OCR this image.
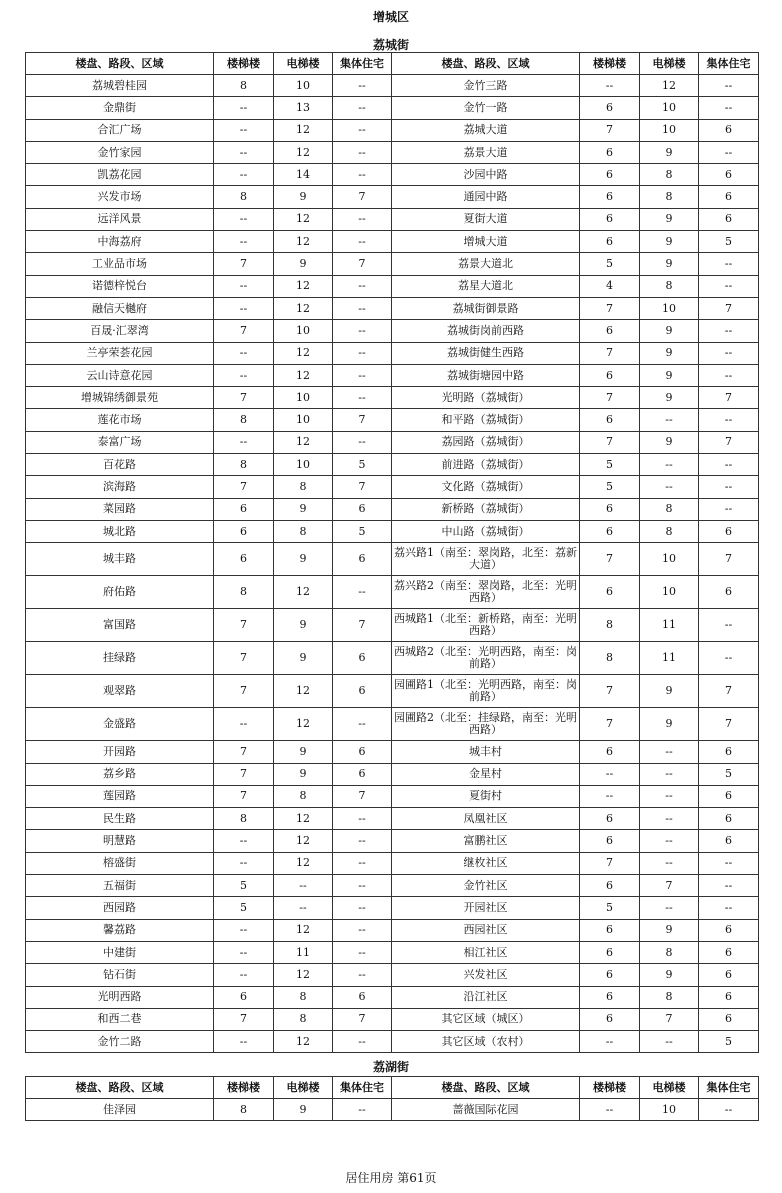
增城区
荔城街
楼盘、路段、区域	楼梯楼	电梯楼	集体住宅	楼盘、路段、区域	楼梯楼	电梯楼	集体住宅
荔城碧桂园	8	10	--	金竹三路	--	12	--
金鼎街	--	13	--	金竹一路	6	10	--
合汇广场	--	12	--	荔城大道	7	10	6
金竹家园	--	12	--	荔景大道	6	9	--
凯荔花园	--	14	--	沙园中路	6	8	6
兴发市场	8	9	7	通园中路	6	8	6
远洋风景	--	12	--	夏街大道	6	9	6
中海荔府	--	12	--	增城大道	6	9	5
工业品市场	7	9	7	荔景大道北	5	9	--
诺德梓悦台	--	12	--	荔星大道北	4	8	--
融信天樾府	--	12	--	荔城街御景路	7	10	7
百晟·汇翠湾	7	10	--	荔城街岗前西路	6	9	--
兰亭荣荟花园	--	12	--	荔城街健生西路	7	9	--
云山诗意花园	--	12	--	荔城街塘园中路	6	9	--
增城锦绣御景苑	7	10	--	光明路（荔城街）	7	9	7
莲花市场	8	10	7	和平路（荔城街）	6	--	--
泰富广场	--	12	--	荔园路（荔城街）	7	9	7
百花路	8	10	5	前进路（荔城街）	5	--	--
滨海路	7	8	7	文化路（荔城街）	5	--	--
菜园路	6	9	6	新桥路（荔城街）	6	8	--
城北路	6	8	5	中山路（荔城街）	6	8	6
城丰路	6	9	6	荔兴路1（南至：翠岗路，北至：荔新大道）	7	10	7
府佑路	8	12	--	荔兴路2（南至：翠岗路，北至：光明西路）	6	10	6
富国路	7	9	7	西城路1（北至：新桥路，南至：光明西路）	8	11	--
挂绿路	7	9	6	西城路2（北至：光明西路，南至：岗前路）	8	11	--
观翠路	7	12	6	园圃路1（北至：光明西路，南至：岗前路）	7	9	7
金盛路	--	12	--	园圃路2（北至：挂绿路，南至：光明西路）	7	9	7
开园路	7	9	6	城丰村	6	--	6
荔乡路	7	9	6	金星村	--	--	5
莲园路	7	8	7	夏街村	--	--	6
民生路	8	12	--	凤凰社区	6	--	6
明慧路	--	12	--	富鹏社区	6	--	6
榕盛街	--	12	--	继枚社区	7	--	--
五福街	5	--	--	金竹社区	6	7	--
西园路	5	--	--	开园社区	5	--	--
馨荔路	--	12	--	西园社区	6	9	6
中建街	--	11	--	相江社区	6	8	6
钻石街	--	12	--	兴发社区	6	9	6
光明西路	6	8	6	沿江社区	6	8	6
和西二巷	7	8	7	其它区域（城区）	6	7	6
金竹二路	--	12	--	其它区域（农村）	--	--	5
荔湖街
楼盘、路段、区域	楼梯楼	电梯楼	集体住宅	楼盘、路段、区域	楼梯楼	电梯楼	集体住宅
佳泽园	8	9	--	蔷薇国际花园	--	10	--
居住用房 第61页
